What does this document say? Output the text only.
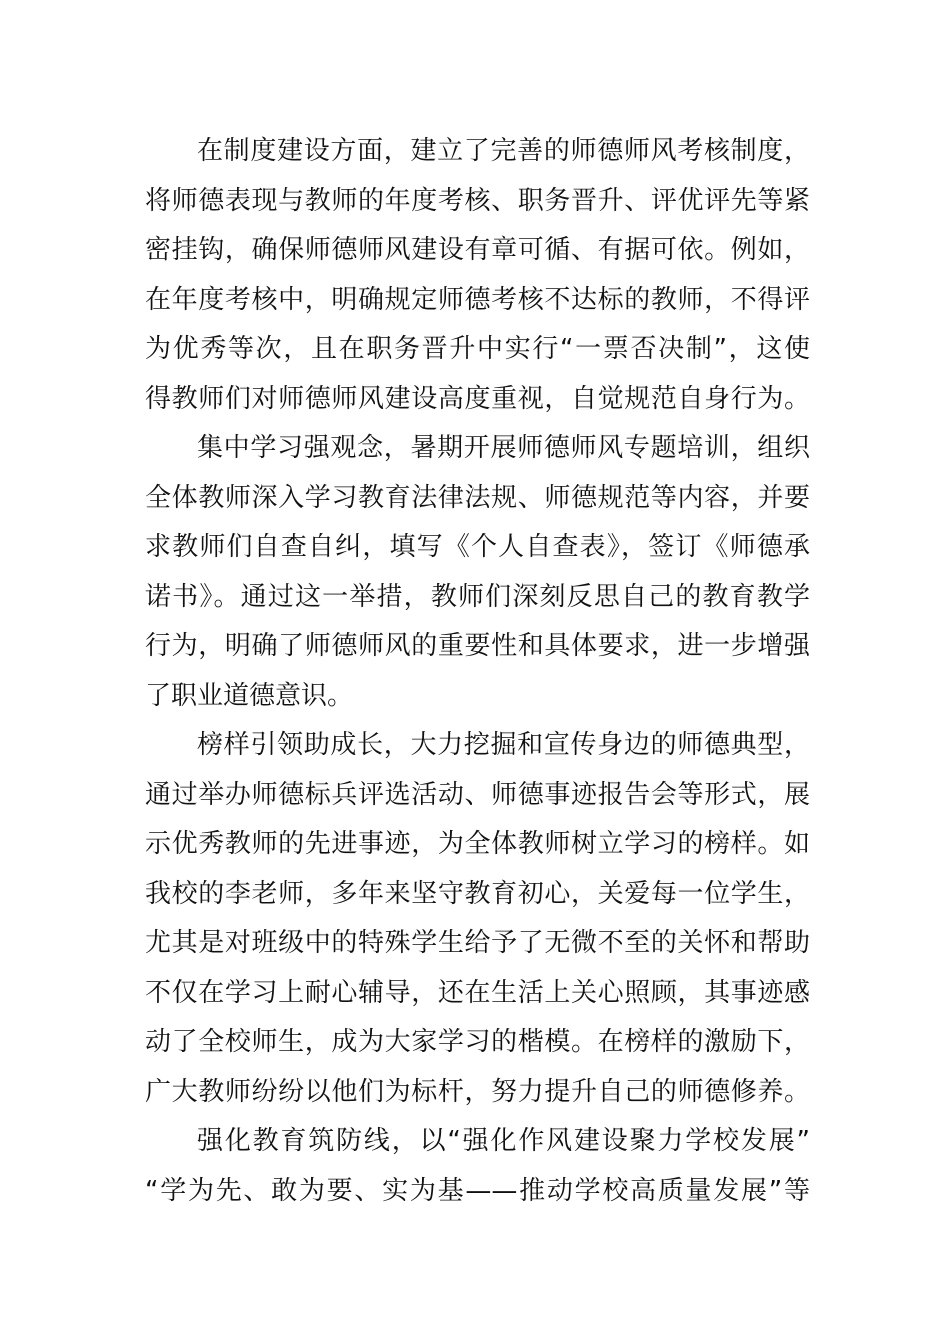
在制度建设方面，建立了完善的师德师风考核制度，
将师德表现与教师的年度考核、职务晋升、评优评先等紧
密挂钩，确保师德师风建设有章可循、有据可依。例如，
在年度考核中，明确规定师德考核不达标的教师，不得评
为优秀等次，且在职务晋升中实行“一票否决制”，这使
得教师们对师德师风建设高度重视，自觉规范自身行为。
集中学习强观念，暑期开展师德师风专题培训，组织
全体教师深入学习教育法律法规、师德规范等内容，并要
求教师们自查自纠，填写《个人自查表》，签订《师德承
诺书》。通过这一举措，教师们深刻反思自己的教育教学
行为，明确了师德师风的重要性和具体要求，进一步增强
了职业道德意识。
榜样引领助成长，大力挖掘和宣传身边的师德典型，
通过举办师德标兵评选活动、师德事迹报告会等形式，展
示优秀教师的先进事迹，为全体教师树立学习的榜样。如
我校的李老师，多年来坚守教育初心，关爱每一位学生，
尤其是对班级中的特殊学生给予了无微不至的关怀和帮助
不仅在学习上耐心辅导，还在生活上关心照顾，其事迹感
动了全校师生，成为大家学习的楷模。在榜样的激励下，
广大教师纷纷以他们为标杆，努力提升自己的师德修养。
强化教育筑防线，以“强化作风建设聚力学校发展”
“学为先、敢为要、实为基——推动学校高质量发展”等
